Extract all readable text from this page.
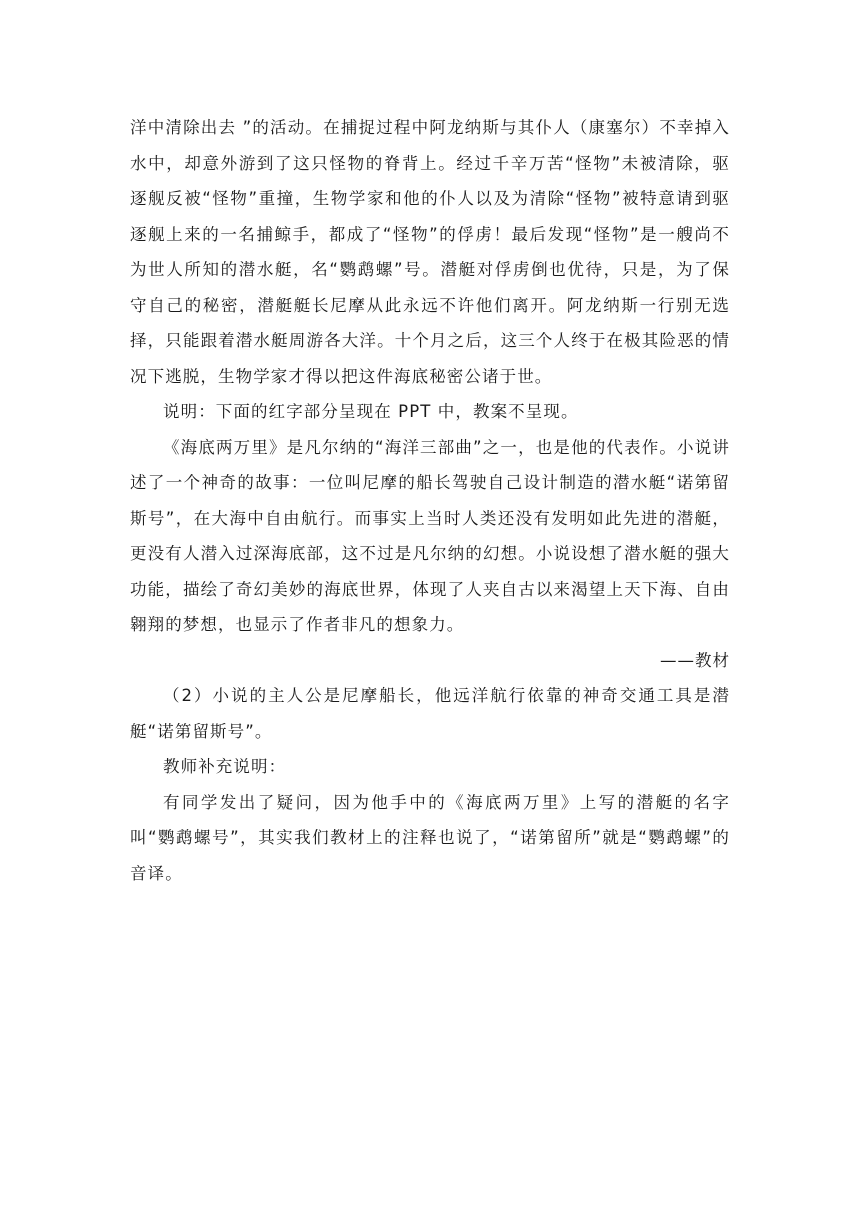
洋中清除出去 ”的活动。在捕捉过程中阿龙纳斯与其仆人（康塞尔）不幸掉入水中，却意外游到了这只怪物的脊背上。经过千辛万苦“怪物”未被清除，驱逐舰反被“怪物”重撞，生物学家和他的仆人以及为清除“怪物”被特意请到驱逐舰上来的一名捕鲸手，都成了“怪物”的俘虏！最后发现“怪物”是一艘尚不为世人所知的潜水艇，名“鹦鹉螺”号。潜艇对俘虏倒也优待，只是，为了保守自己的秘密，潜艇艇长尼摩从此永远不许他们离开。阿龙纳斯一行别无选择，只能跟着潜水艇周游各大洋。十个月之后，这三个人终于在极其险恶的情况下逃脱，生物学家才得以把这件海底秘密公诸于世。

说明：下面的红字部分呈现在 PPT 中，教案不呈现。

《海底两万里》是凡尔纳的“海洋三部曲”之一，也是他的代表作。小说讲述了一个神奇的故事：一位叫尼摩的船长驾驶自己设计制造的潜水艇“诺第留斯号”，在大海中自由航行。而事实上当时人类还没有发明如此先进的潜艇，更没有人潜入过深海底部，这不过是凡尔纳的幻想。小说设想了潜水艇的强大功能，描绘了奇幻美妙的海底世界，体现了人夹自古以来渴望上天下海、自由翱翔的梦想，也显示了作者非凡的想象力。

——教材

（2）小说的主人公是尼摩船长，他远洋航行依靠的神奇交通工具是潜艇“诺第留斯号”。

教师补充说明：

有同学发出了疑问，因为他手中的《海底两万里》上写的潜艇的名字叫“鹦鹉螺号”，其实我们教材上的注释也说了，“诺第留所”就是“鹦鹉螺”的音译。
